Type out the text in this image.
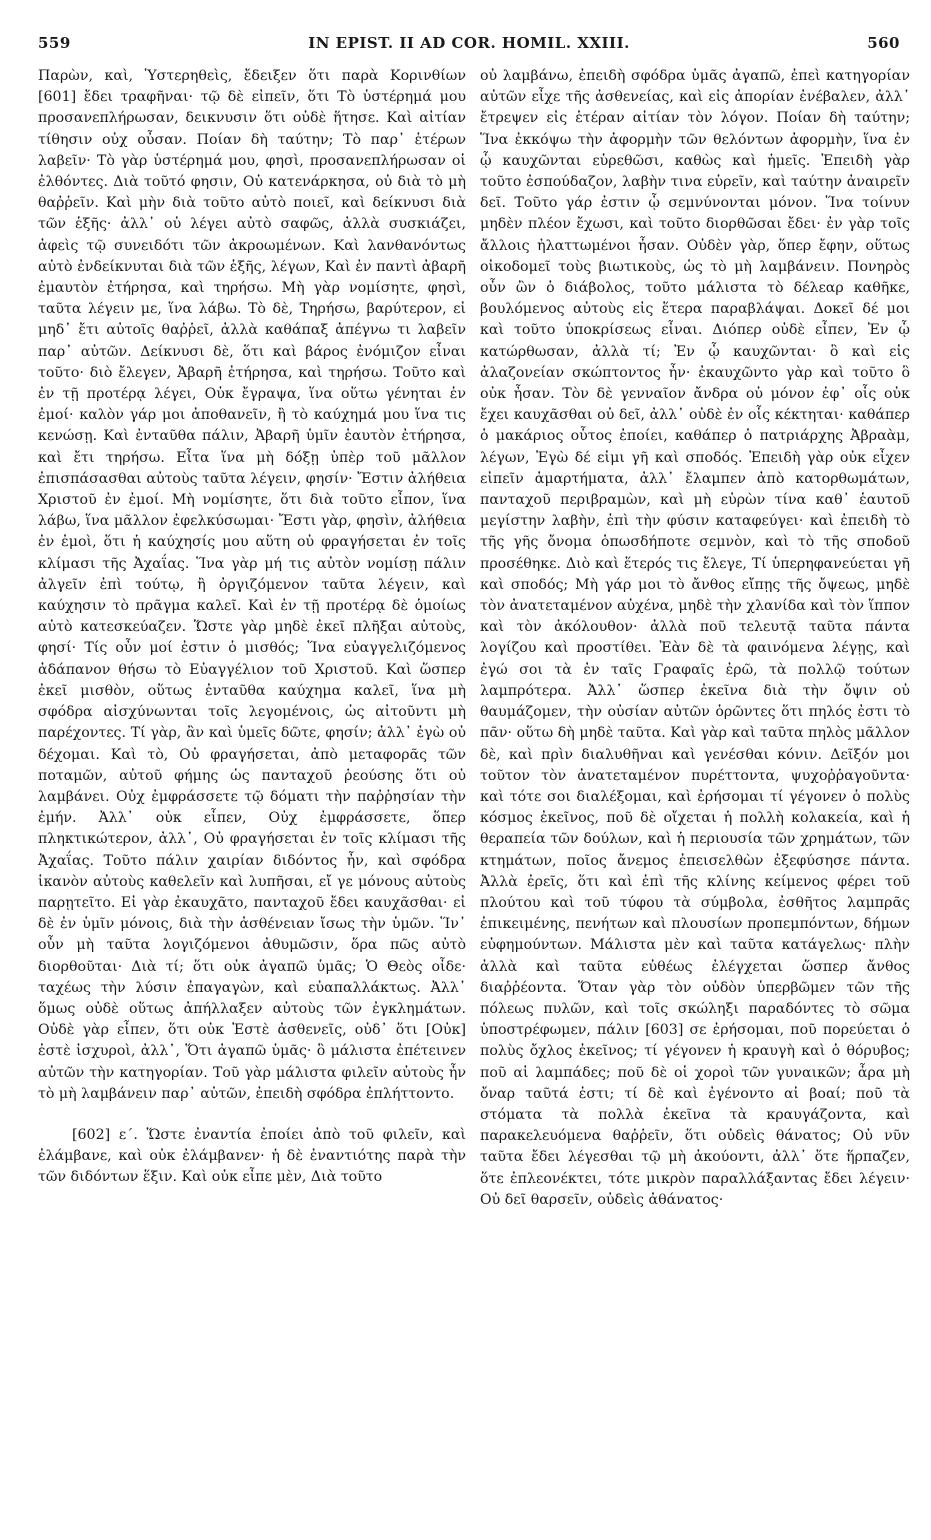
559	IN EPIST. II AD COR. HOMIL. XXIII.	560

Παρὼν, καὶ, Ὑστερηθεὶς, ἔδειξεν ὅτι παρὰ Κορινθίων [601] ἔδει τραφῆναι· τῷ δὲ εἰπεῖν, ὅτι Τὸ ὑστέρημά μου προσανεπλήρωσαν, δεικνυσιν ὅτι οὐδὲ ἥτησε. Καὶ αἰτίαν τίθησιν οὐχ οὖσαν. Ποίαν δὴ ταύτην; Τὸ παρ᾽ ἑτέρων λαβεῖν· Τὸ γὰρ ὑστέρημά μου, φησὶ, προσανεπλήρωσαν οἱ ἐλθόντες. Διὰ τοῦτό φησιν, Οὐ κατενάρκησα, οὐ διὰ τὸ μὴ θαῤῥεῖν. Καὶ μὴν διὰ τοῦτο αὐτὸ ποιεῖ, καὶ δείκνυσι διὰ τῶν ἑξῆς· ἀλλ᾽ οὐ λέγει αὐτὸ σαφῶς, ἀλλὰ συσκιάζει, ἀφεὶς τῷ συνειδότι τῶν ἀκροωμένων. Καὶ λανθανόντως αὐτὸ ἐνδείκνυται διὰ τῶν ἑξῆς, λέγων, Καὶ ἐν παντὶ ἀβαρῆ ἐμαυτὸν ἐτήρησα, καὶ τηρήσω. Μὴ γὰρ νομίσητε, φησὶ, ταῦτα λέγειν με, ἵνα λάβω. Τὸ δὲ, Τηρήσω, βαρύτερον, εἰ μηδ᾽ ἔτι αὐτοῖς θαῤῥεῖ, ἀλλὰ καθάπαξ ἀπέγνω τι λαβεῖν παρ᾽ αὐτῶν. Δείκνυσι δὲ, ὅτι καὶ βάρος ἐνόμιζον εἶναι τοῦτο· διὸ ἔλεγεν, Ἀβαρῆ ἐτήρησα, καὶ τηρήσω. Τοῦτο καὶ ἐν τῇ προτέρᾳ λέγει, Οὐκ ἔγραψα, ἵνα οὕτω γένηται ἐν ἐμοί· καλὸν γάρ μοι ἀποθανεῖν, ἢ τὸ καύχημά μου ἵνα τις κενώσῃ. Καὶ ἐνταῦθα πάλιν, Ἀβαρῆ ὑμῖν ἑαυτὸν ἐτήρησα, καὶ ἔτι τηρήσω. Εἶτα ἵνα μὴ δόξῃ ὑπὲρ τοῦ μᾶλλον ἐπισπάσασθαι αὐτοὺς ταῦτα λέγειν, φησίν· Ἔστιν ἀλήθεια Χριστοῦ ἐν ἐμοί. Μὴ νομίσητε, ὅτι διὰ τοῦτο εἶπον, ἵνα λάβω, ἵνα μᾶλλον ἐφελκύσωμαι· Ἔστι γὰρ, φησὶν, ἀλήθεια ἐν ἐμοὶ, ὅτι ἡ καύχησίς μου αὕτη οὐ φραγήσεται ἐν τοῖς κλίμασι τῆς Ἀχαΐας. Ἵνα γὰρ μή τις αὐτὸν νομίσῃ πάλιν ἀλγεῖν ἐπὶ τούτῳ, ἢ ὀργιζόμενον ταῦτα λέγειν, καὶ καύχησιν τὸ πρᾶγμα καλεῖ. Καὶ ἐν τῇ προτέρᾳ δὲ ὁμοίως αὐτὸ κατεσκεύαζεν. Ὥστε γὰρ μηδὲ ἐκεῖ πλῆξαι αὐτοὺς, φησί· Τίς οὖν μοί ἐστιν ὁ μισθός; Ἵνα εὐαγγελιζόμενος ἀδάπανον θήσω τὸ Εὐαγγέλιον τοῦ Χριστοῦ. Καὶ ὥσπερ ἐκεῖ μισθὸν, οὕτως ἐνταῦθα καύχημα καλεῖ, ἵνα μὴ σφόδρα αἰσχύνωνται τοῖς λεγομένοις, ὡς αἰτοῦντι μὴ παρέχοντες. Τί γὰρ, ἂν καὶ ὑμεῖς δῶτε, φησίν; ἀλλ᾽ ἐγὼ οὐ δέχομαι. Καὶ τὸ, Οὐ φραγήσεται, ἀπὸ μεταφορᾶς τῶν ποταμῶν, αὐτοῦ φήμης ὡς πανταχοῦ ῥεούσης ὅτι οὐ λαμβάνει. Οὐχ ἐμφράσσετε τῷ δόματι τὴν παῤῥησίαν τὴν ἐμήν. Ἀλλ᾽ οὐκ εἶπεν, Οὐχ ἐμφράσσετε, ὅπερ πληκτικώτερον, ἀλλ᾽, Οὐ φραγήσεται ἐν τοῖς κλίμασι τῆς Ἀχαΐας. Τοῦτο πάλιν χαιρίαν διδόντος ἦν, καὶ σφόδρα ἱκανὸν αὐτοὺς καθελεῖν καὶ λυπῆσαι, εἴ γε μόνους αὐτοὺς παρῃτεῖτο. Εἰ γὰρ ἐκαυχᾶτο, πανταχοῦ ἔδει καυχᾶσθαι· εἰ δὲ ἐν ὑμῖν μόνοις, διὰ τὴν ἀσθένειαν ἴσως τὴν ὑμῶν. Ἵν᾽ οὖν μὴ ταῦτα λογιζόμενοι ἀθυμῶσιν, ὅρα πῶς αὐτὸ διορθοῦται· Διὰ τί; ὅτι οὐκ ἀγαπῶ ὑμᾶς; Ὁ Θεὸς οἶδε· ταχέως τὴν λύσιν ἐπαγαγὼν, καὶ εὐαπαλλάκτως. Ἀλλ᾽ ὅμως οὐδὲ οὕτως ἀπήλλαξεν αὐτοὺς τῶν ἐγκλημάτων. Οὐδὲ γὰρ εἶπεν, ὅτι οὐκ Ἐστὲ ἀσθενεῖς, οὐδ᾽ ὅτι [Οὐκ] ἐστὲ ἰσχυροὶ, ἀλλ᾽, Ὅτι ἀγαπῶ ὑμᾶς· ὃ μάλιστα ἐπέτεινεν αὐτῶν τὴν κατηγορίαν. Τοῦ γὰρ μάλιστα φιλεῖν αὐτοὺς ἦν τὸ μὴ λαμβάνειν παρ᾽ αὐτῶν, ἐπειδὴ σφόδρα ἐπλήττοντο.

[602] ε΄. Ὥστε ἐναντία ἐποίει ἀπὸ τοῦ φιλεῖν, καὶ ἐλάμβανε, καὶ οὐκ ἐλάμβανεν· ἡ δὲ ἐναντιότης παρὰ τὴν τῶν διδόντων ἕξιν. Καὶ οὐκ εἶπε μὲν, Διὰ τοῦτο

οὐ λαμβάνω, ἐπειδὴ σφόδρα ὑμᾶς ἀγαπῶ, ἐπεὶ κατηγορίαν αὐτῶν εἶχε τῆς ἀσθενείας, καὶ εἰς ἀπορίαν ἐνέβαλεν, ἀλλ᾽ ἔτρεψεν εἰς ἑτέραν αἰτίαν τὸν λόγον. Ποίαν δὴ ταύτην; Ἵνα ἐκκόψω τὴν ἀφορμὴν τῶν θελόντων ἀφορμὴν, ἵνα ἐν ᾧ καυχῶνται εὑρεθῶσι, καθὼς καὶ ἡμεῖς. Ἐπειδὴ γὰρ τοῦτο ἐσπούδαζον, λαβὴν τινα εὑρεῖν, καὶ ταύτην ἀναιρεῖν δεῖ. Τοῦτο γάρ ἐστιν ᾧ σεμνύνονται μόνον. Ἵνα τοίνυν μηδὲν πλέον ἔχωσι, καὶ τοῦτο διορθῶσαι ἔδει· ἐν γὰρ τοῖς ἄλλοις ἠλαττωμένοι ἦσαν. Οὐδὲν γὰρ, ὅπερ ἔφην, οὕτως οἰκοδομεῖ τοὺς βιωτικοὺς, ὡς τὸ μὴ λαμβάνειν. Πονηρὸς οὖν ὢν ὁ διάβολος, τοῦτο μάλιστα τὸ δέλεαρ καθῆκε, βουλόμενος αὐτοὺς εἰς ἕτερα παραβλάψαι. Δοκεῖ δέ μοι καὶ τοῦτο ὑποκρίσεως εἶναι. Διόπερ οὐδὲ εἶπεν, Ἐν ᾧ κατώρθωσαν, ἀλλὰ τί; Ἐν ᾧ καυχῶνται· ὃ καὶ εἰς ἀλαζονείαν σκώπτοντος ἦν· ἐκαυχῶντο γὰρ καὶ τοῦτο ὃ οὐκ ἦσαν. Τὸν δὲ γενναῖον ἄνδρα οὐ μόνον ἐφ᾽ οἷς οὐκ ἔχει καυχᾶσθαι οὐ δεῖ, ἀλλ᾽ οὐδὲ ἐν οἷς κέκτηται· καθάπερ ὁ μακάριος οὗτος ἐποίει, καθάπερ ὁ πατριάρχης Ἀβραὰμ, λέγων, Ἐγὼ δέ εἰμι γῆ καὶ σποδός. Ἐπειδὴ γὰρ οὐκ εἶχεν εἰπεῖν ἁμαρτήματα, ἀλλ᾽ ἔλαμπεν ἀπὸ κατορθωμάτων, πανταχοῦ περιβραμὼν, καὶ μὴ εὑρὼν τίνα καθ᾽ ἑαυτοῦ μεγίστην λαβὴν, ἐπὶ τὴν φύσιν καταφεύγει· καὶ ἐπειδὴ τὸ τῆς γῆς ὄνομα ὁπωσδήποτε σεμνὸν, καὶ τὸ τῆς σποδοῦ προσέθηκε. Διὸ καὶ ἕτερός τις ἔλεγε, Τί ὑπερηφανεύεται γῆ καὶ σποδός; Μὴ γάρ μοι τὸ ἄνθος εἴπῃς τῆς ὄψεως, μηδὲ τὸν ἀνατεταμένον αὐχένα, μηδὲ τὴν χλανίδα καὶ τὸν ἵππον καὶ τὸν ἀκόλουθον· ἀλλὰ ποῦ τελευτᾷ ταῦτα πάντα λογίζου καὶ προστίθει. Ἐὰν δὲ τὰ φαινόμενα λέγῃς, καὶ ἐγώ σοι τὰ ἐν ταῖς Γραφαῖς ἐρῶ, τὰ πολλῷ τούτων λαμπρότερα. Ἀλλ᾽ ὥσπερ ἐκεῖνα διὰ τὴν ὄψιν οὐ θαυμάζομεν, τὴν οὐσίαν αὐτῶν ὁρῶντες ὅτι πηλός ἐστι τὸ πᾶν· οὕτω δὴ μηδὲ ταῦτα. Καὶ γὰρ καὶ ταῦτα πηλὸς μᾶλλον δὲ, καὶ πρὶν διαλυθῆναι καὶ γενέσθαι κόνιν. Δεῖξόν μοι τοῦτον τὸν ἀνατεταμένον πυρέττοντα, ψυχοῤῥαγοῦντα· καὶ τότε σοι διαλέξομαι, καὶ ἐρήσομαι τί γέγονεν ὁ πολὺς κόσμος ἐκεῖνος, ποῦ δὲ οἴχεται ἡ πολλὴ κολακεία, καὶ ἡ θεραπεία τῶν δούλων, καὶ ἡ περιουσία τῶν χρημάτων, τῶν κτημάτων, ποῖος ἄνεμος ἐπεισελθὼν ἐξεφύσησε πάντα. Ἀλλὰ ἐρεῖς, ὅτι καὶ ἐπὶ τῆς κλίνης κείμενος φέρει τοῦ πλούτου καὶ τοῦ τύφου τὰ σύμβολα, ἐσθῆτος λαμπρᾶς ἐπικειμένης, πενήτων καὶ πλουσίων προπεμπόντων, δήμων εὐφημούντων. Μάλιστα μὲν καὶ ταῦτα κατάγελως· πλὴν ἀλλὰ καὶ ταῦτα εὐθέως ἐλέγχεται ὥσπερ ἄνθος διαῤῥέοντα. Ὅταν γὰρ τὸν οὐδὸν ὑπερβῶμεν τῶν τῆς πόλεως πυλῶν, καὶ τοῖς σκώληξι παραδόντες τὸ σῶμα ὑποστρέφωμεν, πάλιν [603] σε ἐρήσομαι, ποῦ πορεύεται ὁ πολὺς ὄχλος ἐκεῖνος; τί γέγονεν ἡ κραυγὴ καὶ ὁ θόρυβος; ποῦ αἱ λαμπάδες; ποῦ δὲ οἱ χοροὶ τῶν γυναικῶν; ἆρα μὴ ὄναρ ταῦτά ἐστι; τί δὲ καὶ ἐγένοντο αἱ βοαί; ποῦ τὰ στόματα τὰ πολλὰ ἐκεῖνα τὰ κραυγάζοντα, καὶ παρακελευόμενα θαῤῥεῖν, ὅτι οὐδεὶς θάνατος; Οὐ νῦν ταῦτα ἔδει λέγεσθαι τῷ μὴ ἀκούοντι, ἀλλ᾽ ὅτε ἥρπαζεν, ὅτε ἐπλεονέκτει, τότε μικρὸν παραλλάξαντας ἔδει λέγειν· Οὐ δεῖ θαρσεῖν, οὐδεὶς ἀθάνατος·
